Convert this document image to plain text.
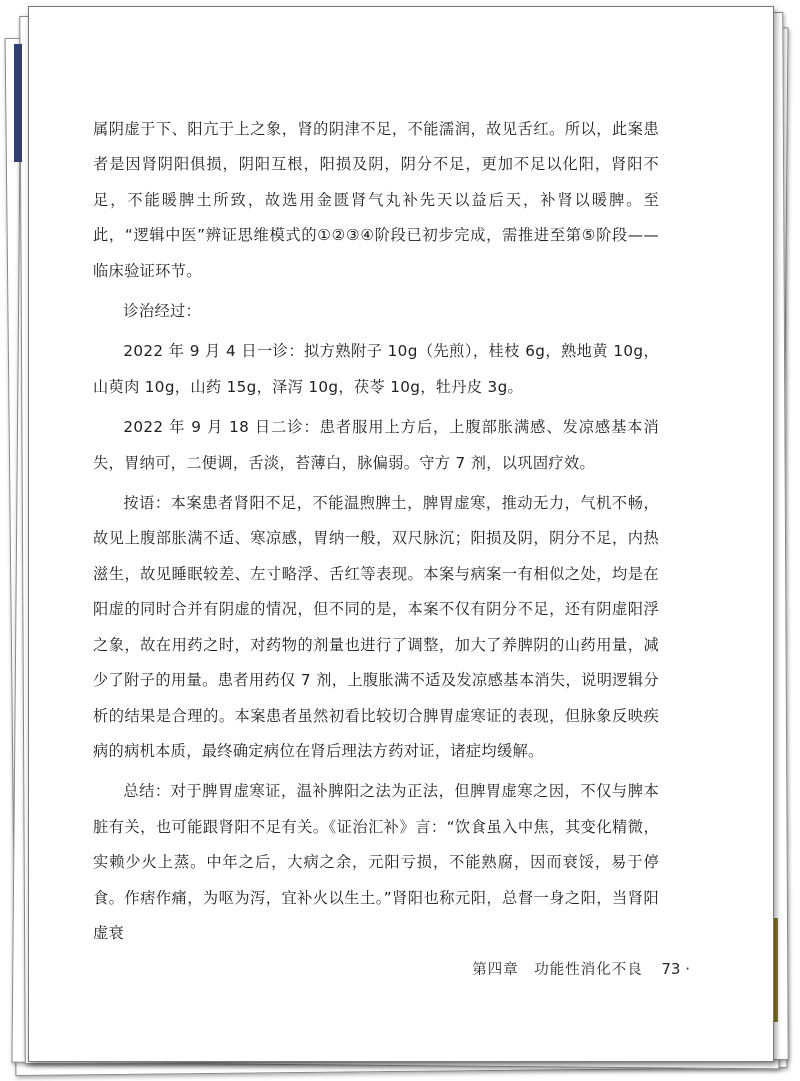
属阴虚于下、阳亢于上之象，肾的阴津不足，不能濡润，故见舌红。所以，此案患者是因肾阴阳俱损，阴阳互根，阳损及阴，阴分不足，更加不足以化阳，肾阳不足，不能暖脾土所致，故选用金匮肾气丸补先天以益后天，补肾以暖脾。至此，“逻辑中医”辨证思维模式的①②③④阶段已初步完成，需推进至第⑤阶段——临床验证环节。

诊治经过：

2022 年 9 月 4 日一诊：拟方熟附子 10g（先煎），桂枝 6g，熟地黄 10g，山萸肉 10g，山药 15g，泽泻 10g，茯苓 10g，牡丹皮 3g。

2022 年 9 月 18 日二诊：患者服用上方后，上腹部胀满感、发凉感基本消失，胃纳可，二便调，舌淡，苔薄白，脉偏弱。守方 7 剂，以巩固疗效。

按语：本案患者肾阳不足，不能温煦脾土，脾胃虚寒，推动无力，气机不畅，故见上腹部胀满不适、寒凉感，胃纳一般，双尺脉沉；阳损及阴，阴分不足，内热滋生，故见睡眠较差、左寸略浮、舌红等表现。本案与病案一有相似之处，均是在阳虚的同时合并有阴虚的情况，但不同的是，本案不仅有阴分不足，还有阴虚阳浮之象，故在用药之时，对药物的剂量也进行了调整，加大了养脾阴的山药用量，减少了附子的用量。患者用药仅 7 剂，上腹胀满不适及发凉感基本消失，说明逻辑分析的结果是合理的。本案患者虽然初看比较切合脾胃虚寒证的表现，但脉象反映疾病的病机本质，最终确定病位在肾后理法方药对证，诸症均缓解。

总结：对于脾胃虚寒证，温补脾阳之法为正法，但脾胃虚寒之因，不仅与脾本脏有关，也可能跟肾阳不足有关。《证治汇补》言：“饮食虽入中焦，其变化精微，实赖少火上蒸。中年之后，大病之余，元阳亏损，不能熟腐，因而衰馁，易于停食。作痞作痛，为呕为泻，宜补火以生土。”肾阳也称元阳，总督一身之阳，当肾阳虚衰

第四章　功能性消化不良 73 ·
